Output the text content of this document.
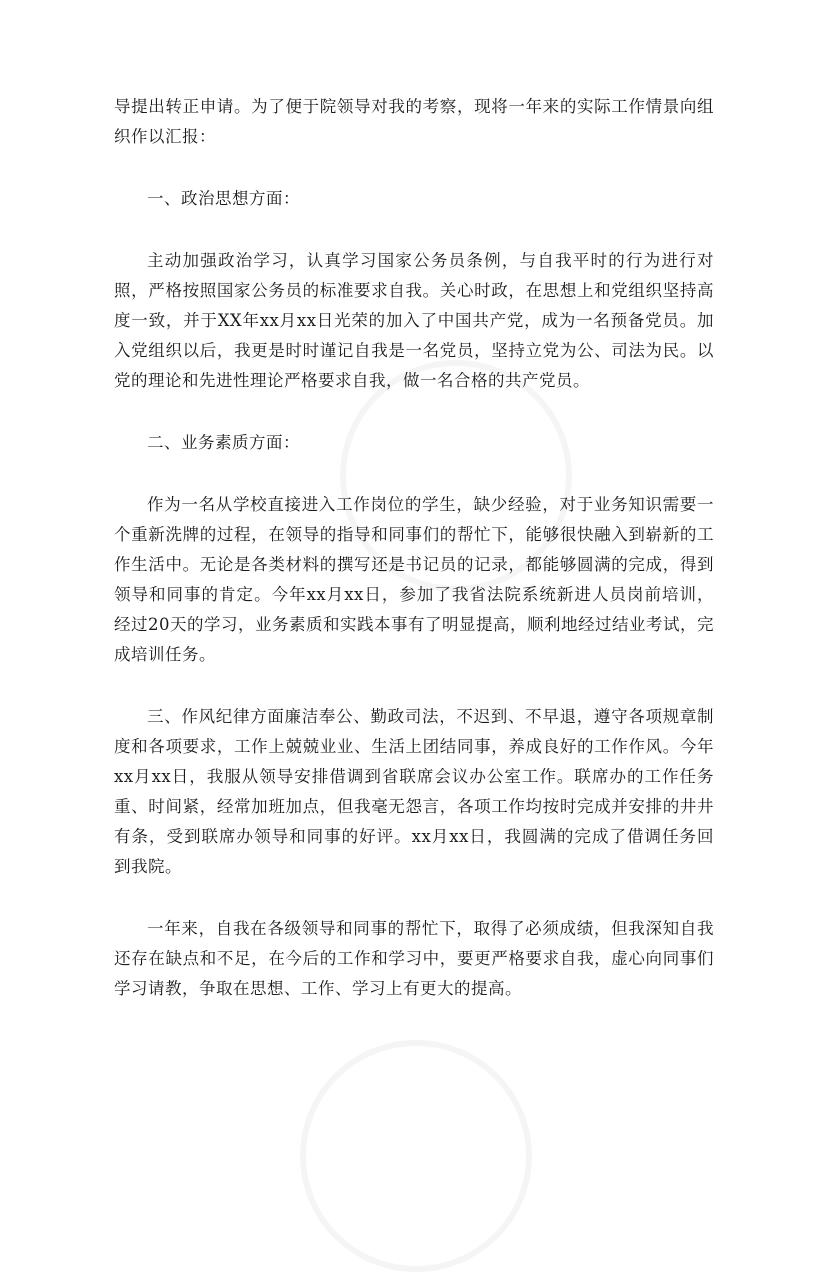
导提出转正申请。为了便于院领导对我的考察，现将一年来的实际工作情景向组织作以汇报：

一、政治思想方面：

主动加强政治学习，认真学习国家公务员条例，与自我平时的行为进行对照，严格按照国家公务员的标准要求自我。关心时政，在思想上和党组织坚持高度一致，并于XX年xx月xx日光荣的加入了中国共产党，成为一名预备党员。加入党组织以后，我更是时时谨记自我是一名党员，坚持立党为公、司法为民。以党的理论和先进性理论严格要求自我，做一名合格的共产党员。

二、业务素质方面：

作为一名从学校直接进入工作岗位的学生，缺少经验，对于业务知识需要一个重新洗牌的过程，在领导的指导和同事们的帮忙下，能够很快融入到崭新的工作生活中。无论是各类材料的撰写还是书记员的记录，都能够圆满的完成，得到领导和同事的肯定。今年xx月xx日，参加了我省法院系统新进人员岗前培训，经过20天的学习，业务素质和实践本事有了明显提高，顺利地经过结业考试，完成培训任务。

三、作风纪律方面廉洁奉公、勤政司法，不迟到、不早退，遵守各项规章制度和各项要求，工作上兢兢业业、生活上团结同事，养成良好的工作作风。今年xx月xx日，我服从领导安排借调到省联席会议办公室工作。联席办的工作任务重、时间紧，经常加班加点，但我毫无怨言，各项工作均按时完成并安排的井井有条，受到联席办领导和同事的好评。xx月xx日，我圆满的完成了借调任务回到我院。

一年来，自我在各级领导和同事的帮忙下，取得了必须成绩，但我深知自我还存在缺点和不足，在今后的工作和学习中，要更严格要求自我，虚心向同事们学习请教，争取在思想、工作、学习上有更大的提高。
